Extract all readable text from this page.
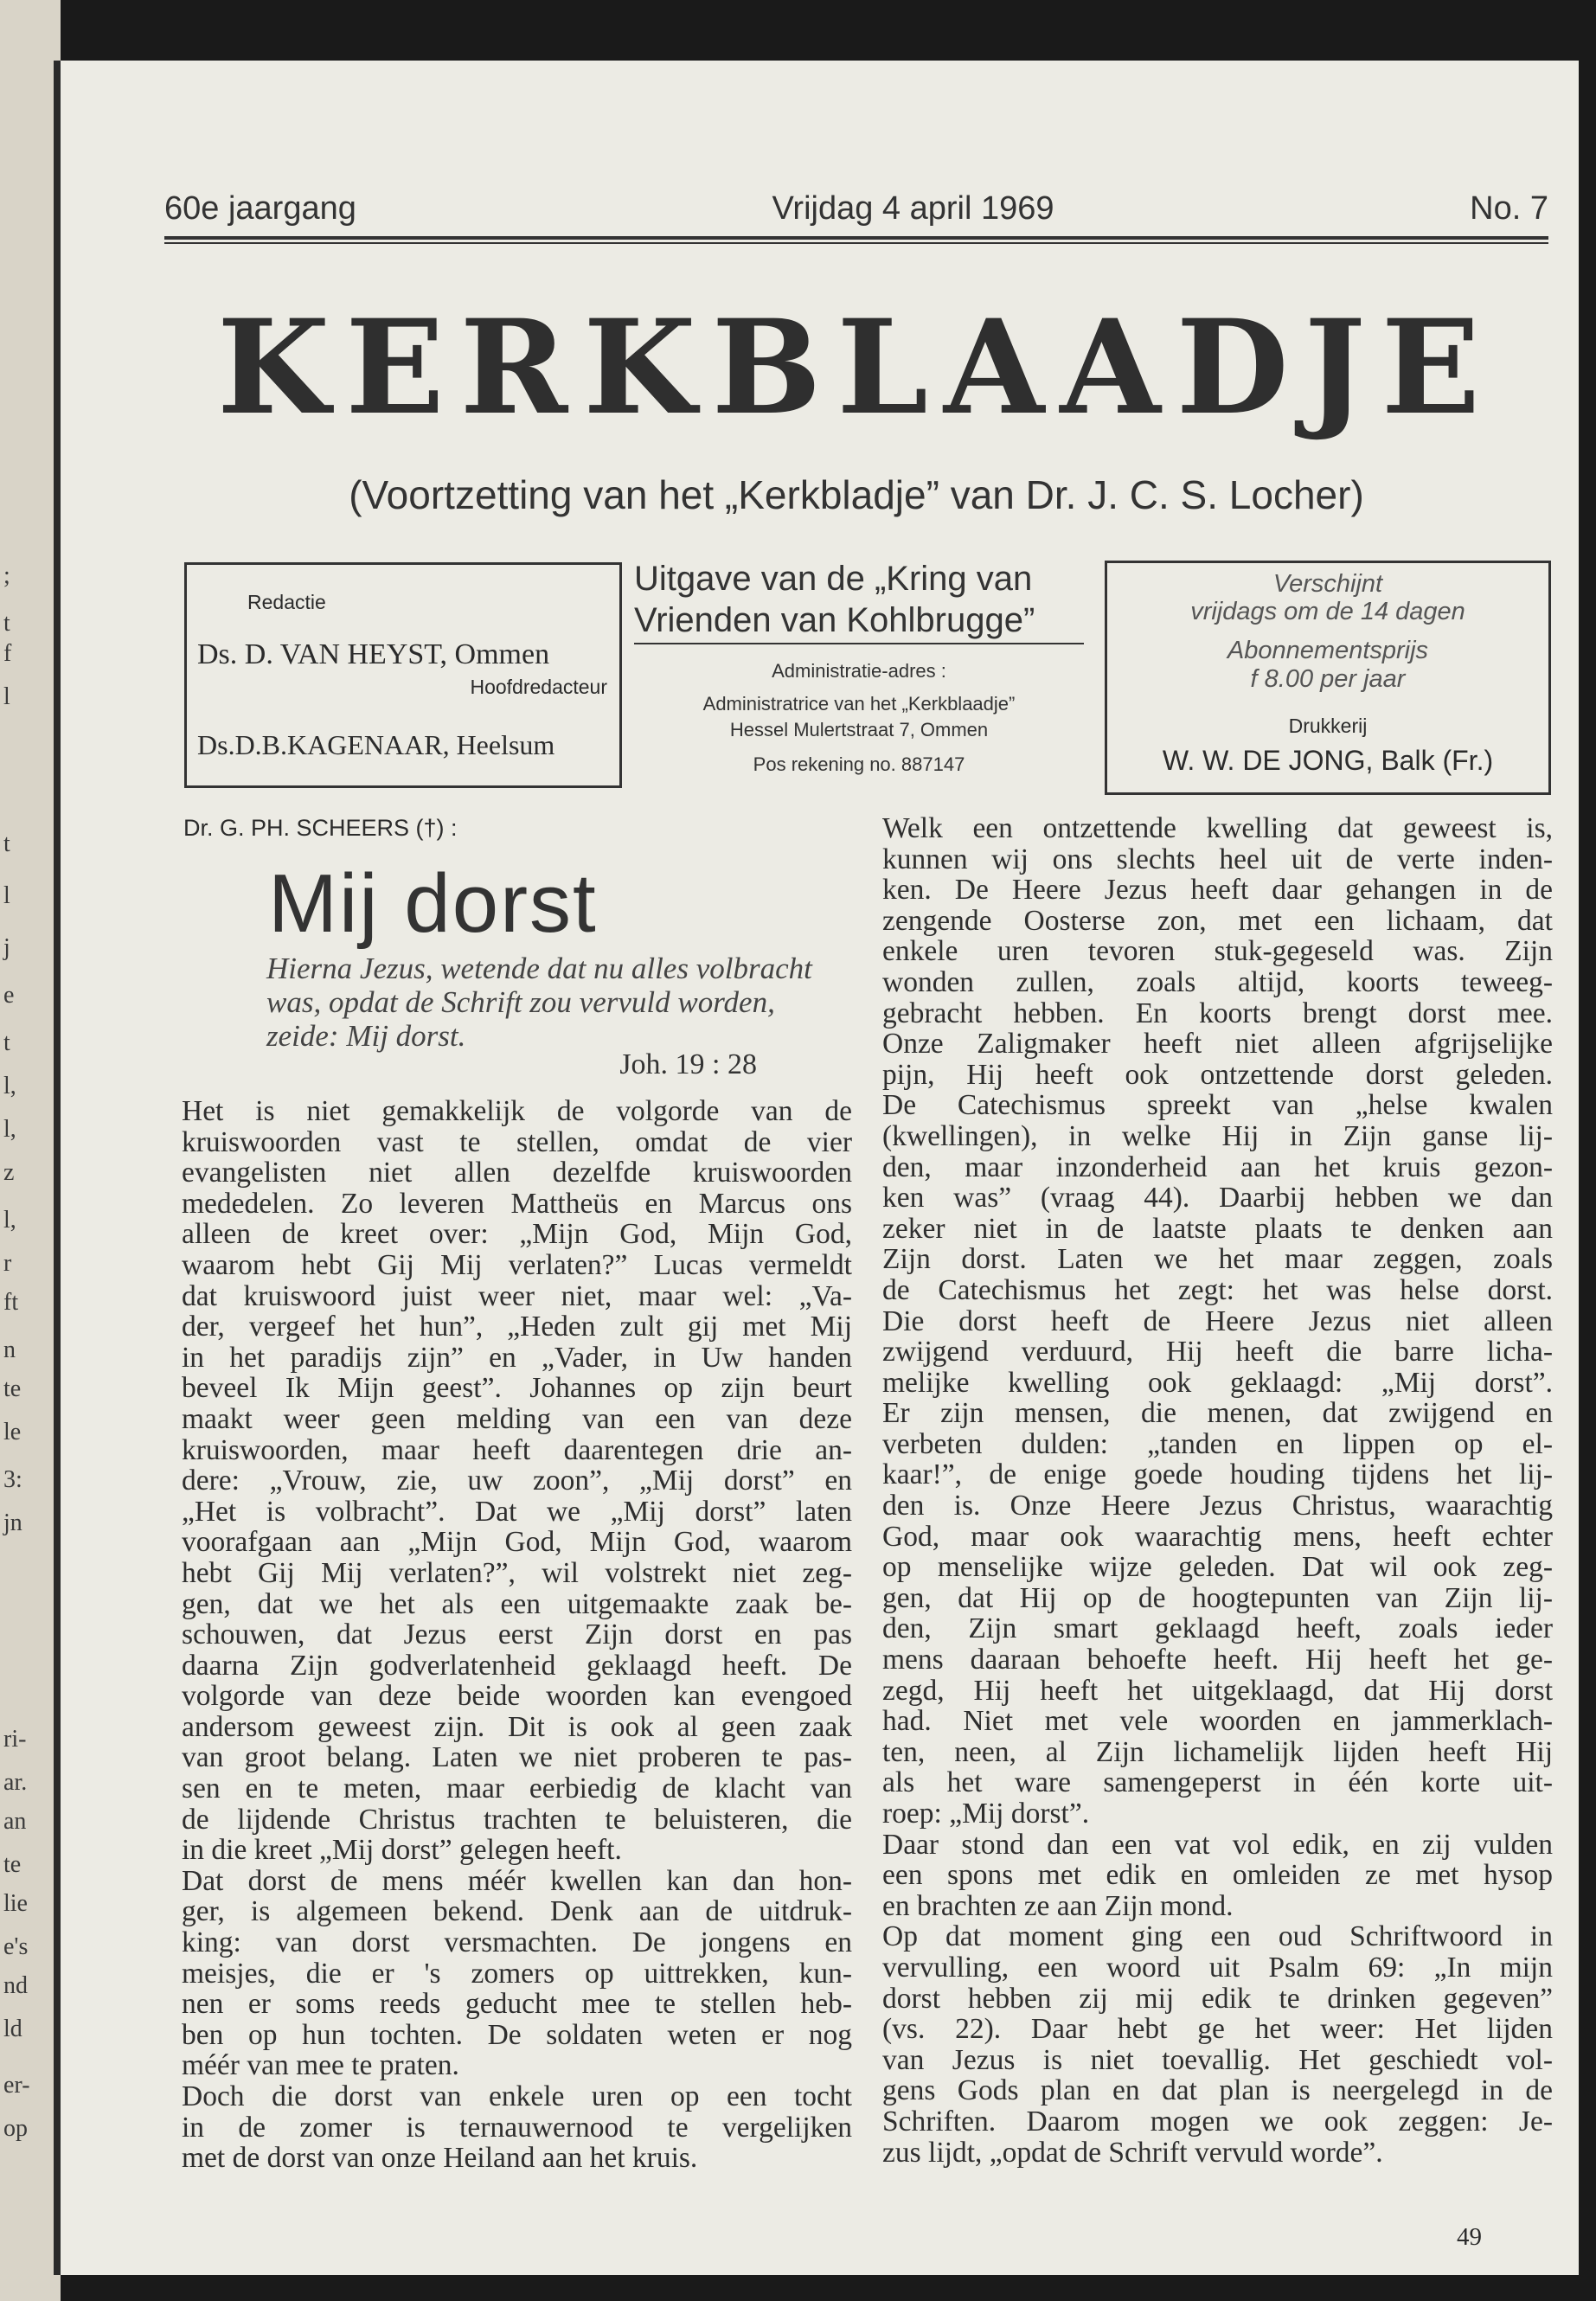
;
t
f
l
t
l
j
e
t
l,
l,
z
l,
r
ft
n
te
le
3:
jn
ri-
ar.
an
te
lie
e's
nd
ld
er-
op
60e jaargang	Vrijdag 4 april 1969	No. 7
KERKBLAADJE
(Voortzetting van het „Kerkbladje” van Dr. J. C. S. Locher)
Redactie
Ds. D. VAN HEYST, Ommen
Hoofdredacteur
Ds.D.B.KAGENAAR, Heelsum
Uitgave van de „Kring van
Vrienden van Kohlbrugge”
Administratie-adres :
Administratrice van het „Kerkblaadje”
Hessel Mulertstraat 7, Ommen
Pos rekening no. 887147
Verschijnt
vrijdags om de 14 dagen
Abonnementsprijs
f 8.00 per jaar
Drukkerij
W. W. DE JONG, Balk (Fr.)
Dr. G. PH. SCHEERS (†) :
Mij dorst
Hierna Jezus, wetende dat nu alles volbracht was, opdat de Schrift zou vervuld worden, zeide: Mij dorst.
Joh. 19 : 28

Het is niet gemakkelijk de volgorde van de

kruiswoorden vast te stellen, omdat de vier

evangelisten niet allen dezelfde kruiswoorden

mededelen. Zo leveren Mattheüs en Marcus ons

alleen de kreet over: „Mijn God, Mijn God,

waarom hebt Gij Mij verlaten?” Lucas vermeldt

dat kruiswoord juist weer niet, maar wel: „Va-

der, vergeef het hun”, „Heden zult gij met Mij

in het paradijs zijn” en „Vader, in Uw handen

beveel Ik Mijn geest”. Johannes op zijn beurt

maakt weer geen melding van een van deze

kruiswoorden, maar heeft daarentegen drie an-

dere: „Vrouw, zie, uw zoon”, „Mij dorst” en

„Het is volbracht”. Dat we „Mij dorst” laten

voorafgaan aan „Mijn God, Mijn God, waarom

hebt Gij Mij verlaten?”, wil volstrekt niet zeg-

gen, dat we het als een uitgemaakte zaak be-

schouwen, dat Jezus eerst Zijn dorst en pas

daarna Zijn godverlatenheid geklaagd heeft. De

volgorde van deze beide woorden kan evengoed

andersom geweest zijn. Dit is ook al geen zaak

van groot belang. Laten we niet proberen te pas-

sen en te meten, maar eerbiedig de klacht van

de lijdende Christus trachten te beluisteren, die

in die kreet „Mij dorst” gelegen heeft.

Dat dorst de mens méér kwellen kan dan hon-

ger, is algemeen bekend. Denk aan de uitdruk-

king: van dorst versmachten. De jongens en

meisjes, die er 's zomers op uittrekken, kun-

nen er soms reeds geducht mee te stellen heb-

ben op hun tochten. De soldaten weten er nog

méér van mee te praten.

Doch die dorst van enkele uren op een tocht

in de zomer is ternauwernood te vergelijken

met de dorst van onze Heiland aan het kruis.

Welk een ontzettende kwelling dat geweest is,

kunnen wij ons slechts heel uit de verte inden-

ken. De Heere Jezus heeft daar gehangen in de

zengende Oosterse zon, met een lichaam, dat

enkele uren tevoren stuk-gegeseld was. Zijn

wonden zullen, zoals altijd, koorts teweeg-

gebracht hebben. En koorts brengt dorst mee.

Onze Zaligmaker heeft niet alleen afgrijselijke

pijn, Hij heeft ook ontzettende dorst geleden.

De Catechismus spreekt van „helse kwalen

(kwellingen), in welke Hij in Zijn ganse lij-

den, maar inzonderheid aan het kruis gezon-

ken was” (vraag 44). Daarbij hebben we dan

zeker niet in de laatste plaats te denken aan

Zijn dorst. Laten we het maar zeggen, zoals

de Catechismus het zegt: het was helse dorst.

Die dorst heeft de Heere Jezus niet alleen

zwijgend verduurd, Hij heeft die barre licha-

melijke kwelling ook geklaagd: „Mij dorst”.

Er zijn mensen, die menen, dat zwijgend en

verbeten dulden: „tanden en lippen op el-

kaar!”, de enige goede houding tijdens het lij-

den is. Onze Heere Jezus Christus, waarachtig

God, maar ook waarachtig mens, heeft echter

op menselijke wijze geleden. Dat wil ook zeg-

gen, dat Hij op de hoogtepunten van Zijn lij-

den, Zijn smart geklaagd heeft, zoals ieder

mens daaraan behoefte heeft. Hij heeft het ge-

zegd, Hij heeft het uitgeklaagd, dat Hij dorst

had. Niet met vele woorden en jammerklach-

ten, neen, al Zijn lichamelijk lijden heeft Hij

als het ware samengeperst in één korte uit-

roep: „Mij dorst”.

Daar stond dan een vat vol edik, en zij vulden

een spons met edik en omleiden ze met hysop

en brachten ze aan Zijn mond.

Op dat moment ging een oud Schriftwoord in

vervulling, een woord uit Psalm 69: „In mijn

dorst hebben zij mij edik te drinken gegeven”

(vs. 22). Daar hebt ge het weer: Het lijden

van Jezus is niet toevallig. Het geschiedt vol-

gens Gods plan en dat plan is neergelegd in de

Schriften. Daarom mogen we ook zeggen: Je-

zus lijdt, „opdat de Schrift vervuld worde”.

49
